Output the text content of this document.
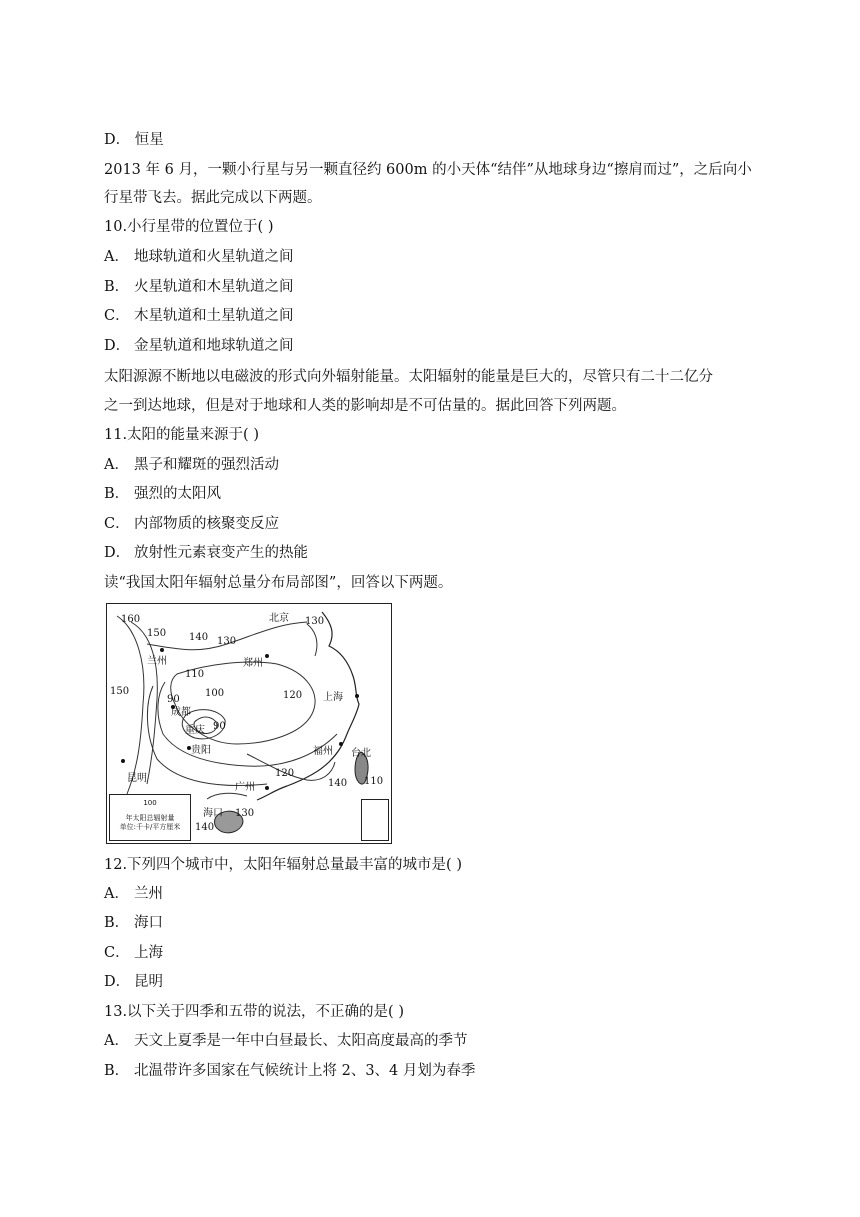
D． 恒星
2013 年 6 月，一颗小行星与另一颗直径约 600m 的小天体“结伴”从地球身边“擦肩而过”，之后向小
行星带飞去。据此完成以下两题。
10.小行星带的位置位于( )
A． 地球轨道和火星轨道之间
B． 火星轨道和木星轨道之间
C． 木星轨道和土星轨道之间
D． 金星轨道和地球轨道之间
太阳源源不断地以电磁波的形式向外辐射能量。太阳辐射的能量是巨大的，尽管只有二十二亿分
之一到达地球，但是对于地球和人类的影响却是不可估量的。据此回答下列两题。
11.太阳的能量来源于( )
A． 黑子和耀斑的强烈活动
B． 强烈的太阳风
C． 内部物质的核聚变反应
D． 放射性元素衰变产生的热能
读“我国太阳年辐射总量分布局部图”，回答以下两题。
北京
兰州	郑州
成都
重庆
贵阳
昆明
上海
福州 台北
广州
海口
160
150 140 130
130
110
100	120
150
90
90
120
140 110
130
140
100
年太阳总辐射量
单位:千卡/平方厘米
12.下列四个城市中，太阳年辐射总量最丰富的城市是( )
A． 兰州
B． 海口
C． 上海
D． 昆明
13.以下关于四季和五带的说法，不正确的是( )
A． 天文上夏季是一年中白昼最长、太阳高度最高的季节
B． 北温带许多国家在气候统计上将 2、3、4 月划为春季
